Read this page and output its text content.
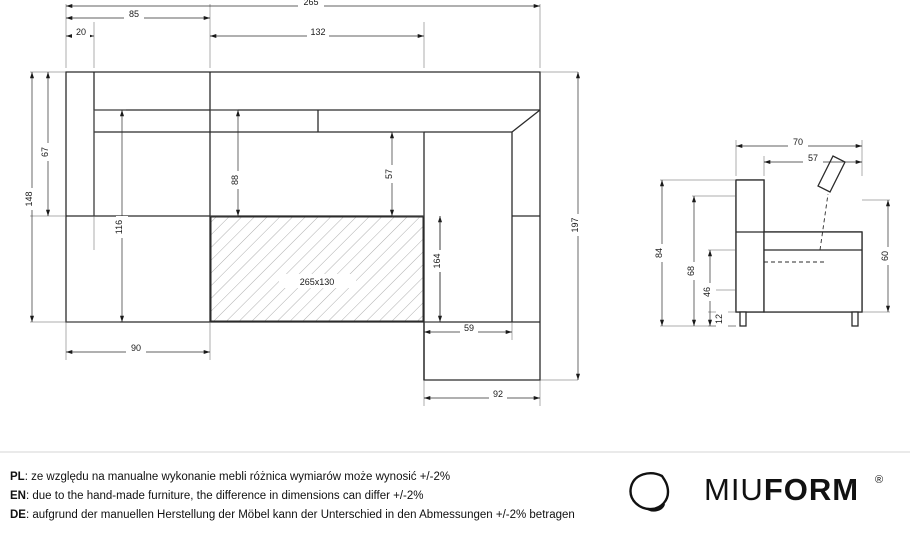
265x130
265
85
20	132
148
67
116
88
57
164
197
90
59
92
70
57
84
68
46
12
60
PL: ze względu na manualne wykonanie mebli różnica wymiarów może wynosić +/-2%
EN: due to the hand-made furniture, the difference in dimensions can differ +/-2%
DE: aufgrund der manuellen Herstellung der Möbel kann der Unterschied in den Abmessungen +/-2% betragen
MIUFORM ®
